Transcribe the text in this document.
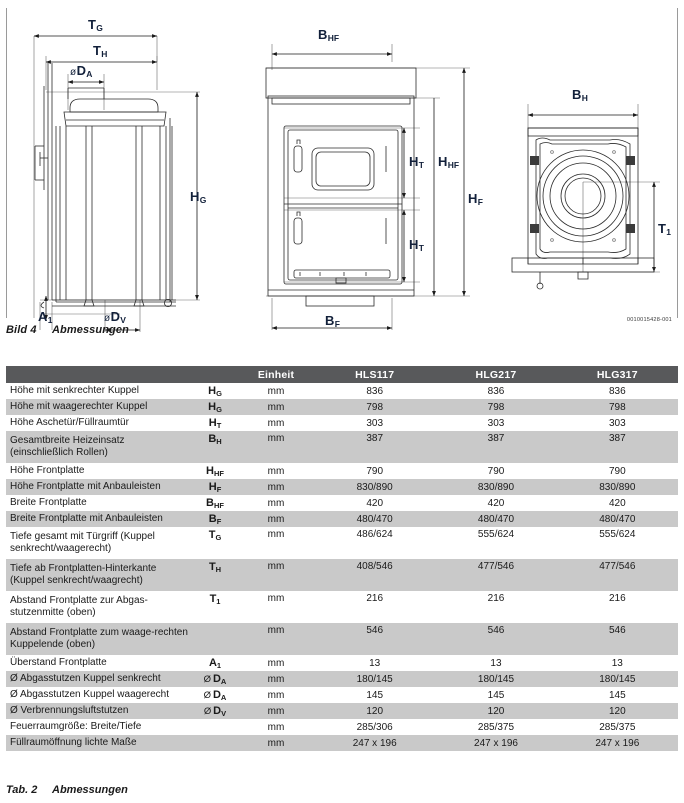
$T_G$
$T_H$
$øD_A$
$H_G$
$A_1$	$øD_V$
$B_{HF}$
$H_T$
$H_T$
$H_{HF}$
$H_F$
$B_F$
$B_H$
$T_1$
0010015428-001
Bild 4 Abmessungen
		Einheit	HLS117	HLG217	HLG317
Höhe mit senkrechter Kuppel	$H_G$	mm	836	836	836
Höhe mit waagerechter Kuppel	$H_G$	mm	798	798	798
Höhe Aschetür/Füllraumtür	$H_T$	mm	303	303	303
Gesamtbreite Heizeinsatz (einschließlich Rollen)	$B_H$	mm	387	387	387
Höhe Frontplatte	$H_{HF}$	mm	790	790	790
Höhe Frontplatte mit Anbauleisten	$H_F$	mm	830/890	830/890	830/890
Breite Frontplatte	$B_{HF}$	mm	420	420	420
Breite Frontplatte mit Anbauleisten	$B_F$	mm	480/470	480/470	480/470
Tiefe gesamt mit Türgriff (Kuppel senkrecht/waagerecht)	$T_G$	mm	486/624	555/624	555/624
Tiefe ab Frontplatten-Hinterkante (Kuppel senkrecht/waagrecht)	$T_H$	mm	408/546	477/546	477/546
Abstand Frontplatte zur Abgas-stutzenmitte (oben)	$T_1$	mm	216	216	216
Abstand Frontplatte zum waage-rechten Kuppelende (oben)		mm	546	546	546
Überstand Frontplatte	$A_1$	mm	13	13	13
Ø Abgasstutzen Kuppel senkrecht	Ø $D_A$	mm	180/145	180/145	180/145
Ø Abgasstutzen Kuppel waagerecht	Ø $D_A$	mm	145	145	145
Ø Verbrennungsluftstutzen	Ø $D_V$	mm	120	120	120
Feuerraumgröße: Breite/Tiefe		mm	285/306	285/375	285/375
Füllraumöffnung lichte Maße		mm	247 x 196	247 x 196	247 x 196
Tab. 2 Abmessungen
